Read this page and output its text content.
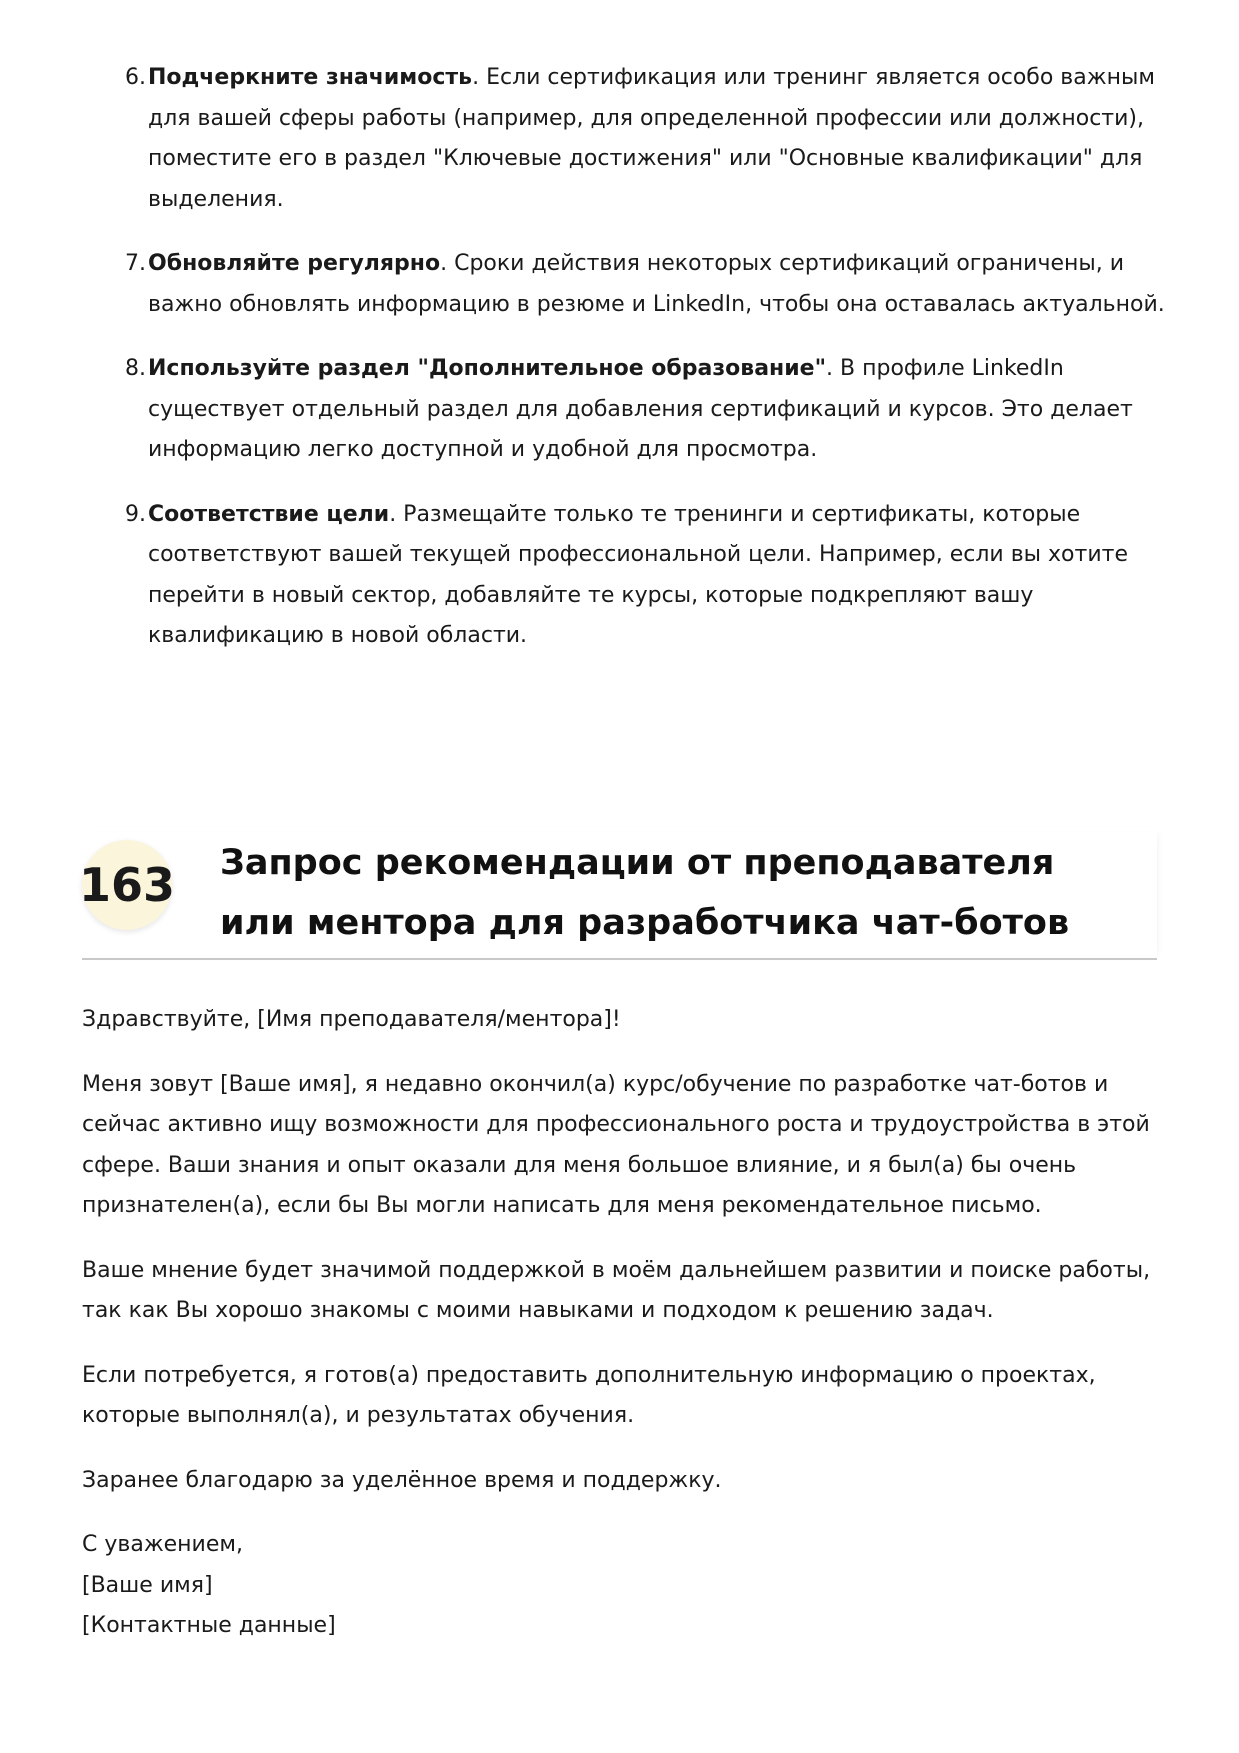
6. Подчеркните значимость. Если сертификация или тренинг является особо важным для вашей сферы работы (например, для определенной профессии или должности), поместите его в раздел "Ключевые достижения" или "Основные квалификации" для выделения.
7. Обновляйте регулярно. Сроки действия некоторых сертификаций ограничены, и важно обновлять информацию в резюме и LinkedIn, чтобы она оставалась актуальной.
8. Используйте раздел "Дополнительное образование". В профиле LinkedIn существует отдельный раздел для добавления сертификаций и курсов. Это делает информацию легко доступной и удобной для просмотра.
9. Соответствие цели. Размещайте только те тренинги и сертификаты, которые соответствуют вашей текущей профессиональной цели. Например, если вы хотите перейти в новый сектор, добавляйте те курсы, которые подкрепляют вашу квалификацию в новой области.
163 Запрос рекомендации от преподавателя или ментора для разработчика чат-ботов

Здравствуйте, [Имя преподавателя/ментора]!

Меня зовут [Ваше имя], я недавно окончил(а) курс/обучение по разработке чат-ботов и сейчас активно ищу возможности для профессионального роста и трудоустройства в этой сфере. Ваши знания и опыт оказали для меня большое влияние, и я был(а) бы очень признателен(а), если бы Вы могли написать для меня рекомендательное письмо.

Ваше мнение будет значимой поддержкой в моём дальнейшем развитии и поиске работы, так как Вы хорошо знакомы с моими навыками и подходом к решению задач.

Если потребуется, я готов(а) предоставить дополнительную информацию о проектах, которые выполнял(а), и результатах обучения.

Заранее благодарю за уделённое время и поддержку.

С уважением,
[Ваше имя]
[Контактные данные]
